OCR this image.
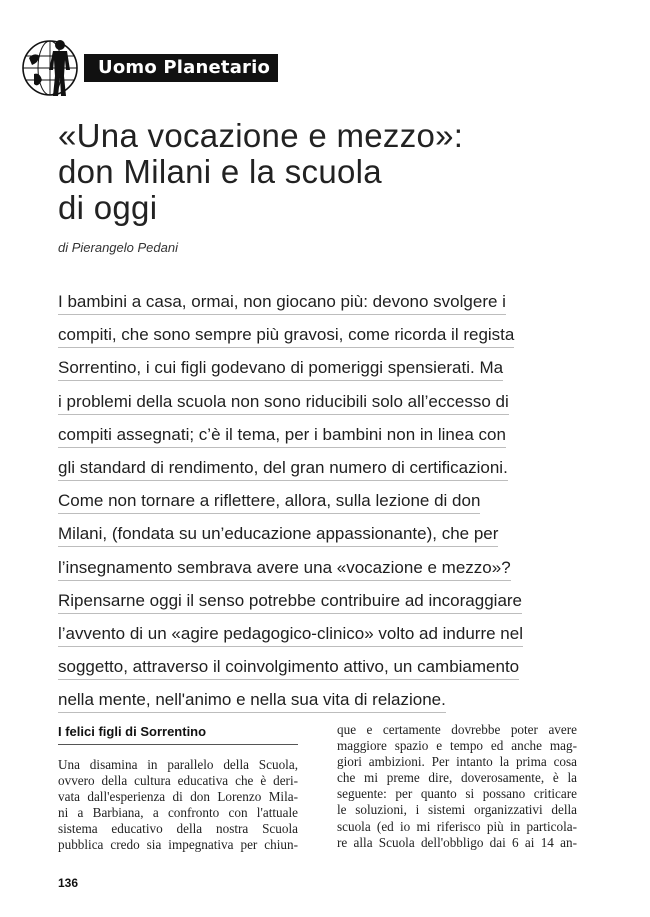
Uomo Planetario
«Una vocazione e mezzo»:
don Milani e la scuola
di oggi
di Pierangelo Pedani
I bambini a casa, ormai, non giocano più: devono svolgere i
compiti, che sono sempre più gravosi, come ricorda il regista
Sorrentino, i cui figli godevano di pomeriggi spensierati. Ma
i problemi della scuola non sono riducibili solo all’eccesso di
compiti assegnati; c’è il tema, per i bambini non in linea con
gli standard di rendimento, del gran numero di certificazioni.
Come non tornare a riflettere, allora, sulla lezione di don
Milani, (fondata su un’educazione appassionante), che per
l’insegnamento sembrava avere una «vocazione e mezzo»?
Ripensarne oggi il senso potrebbe contribuire ad incoraggiare
l’avvento di un «agire pedagogico-clinico» volto ad indurre nel
soggetto, attraverso il coinvolgimento attivo, un cambiamento
nella mente, nell'animo e nella sua vita di relazione.
I felici figli di Sorrentino
Una disamina in parallelo della Scuola,
ovvero della cultura educativa che è deri-
vata dall'esperienza di don Lorenzo Mila-
ni a Barbiana, a confronto con l'attuale
sistema educativo della nostra Scuola
pubblica credo sia impegnativa per chiun-
que e certamente dovrebbe poter avere
maggiore spazio e tempo ed anche mag-
giori ambizioni. Per intanto la prima cosa
che mi preme dire, doverosamente, è la
seguente: per quanto si possano criticare
le soluzioni, i sistemi organizzativi della
scuola (ed io mi riferisco più in particola-
re alla Scuola dell'obbligo dai 6 ai 14 an-
136
